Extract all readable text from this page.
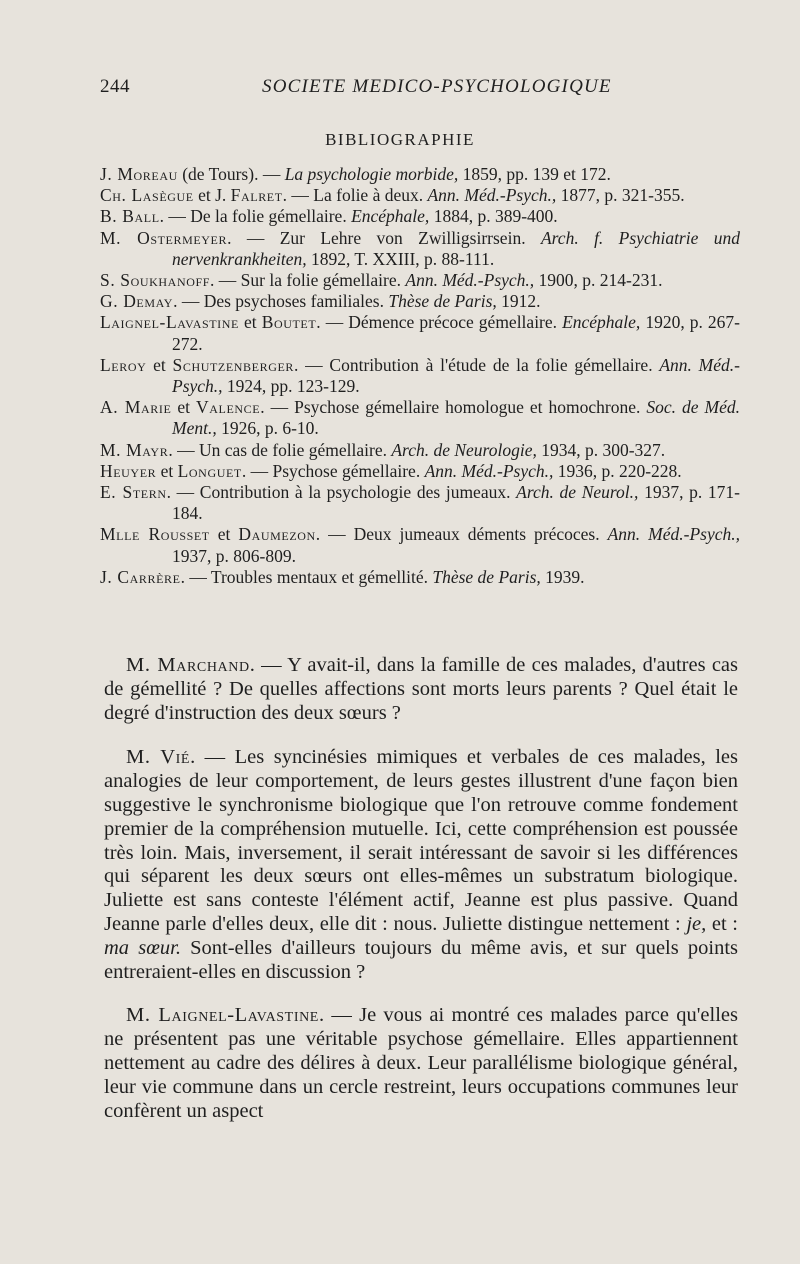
244	SOCIETE MEDICO-PSYCHOLOGIQUE
BIBLIOGRAPHIE

J. Moreau (de Tours). — La psychologie morbide, 1859, pp. 139 et 172.

Ch. Lasègue et J. Falret. — La folie à deux. Ann. Méd.-Psych., 1877, p. 321-355.

B. Ball. — De la folie gémellaire. Encéphale, 1884, p. 389-400.

M. Ostermeyer. — Zur Lehre von Zwilligsirrsein. Arch. f. Psychiatrie und nervenkrankheiten, 1892, T. XXIII, p. 88-111.

S. Soukhanoff. — Sur la folie gémellaire. Ann. Méd.-Psych., 1900, p. 214-231.

G. Demay. — Des psychoses familiales. Thèse de Paris, 1912.

Laignel-Lavastine et Boutet. — Démence précoce gémellaire. Encéphale, 1920, p. 267-272.

Leroy et Schutzenberger. — Contribution à l'étude de la folie gémellaire. Ann. Méd.-Psych., 1924, pp. 123-129.

A. Marie et Valence. — Psychose gémellaire homologue et homochrone. Soc. de Méd. Ment., 1926, p. 6-10.

M. Mayr. — Un cas de folie gémellaire. Arch. de Neurologie, 1934, p. 300-327.

Heuyer et Longuet. — Psychose gémellaire. Ann. Méd.-Psych., 1936, p. 220-228.

E. Stern. — Contribution à la psychologie des jumeaux. Arch. de Neurol., 1937, p. 171-184.

Mlle Rousset et Daumezon. — Deux jumeaux déments précoces. Ann. Méd.-Psych., 1937, p. 806-809.

J. Carrère. — Troubles mentaux et gémellité. Thèse de Paris, 1939.

M. Marchand. — Y avait-il, dans la famille de ces malades, d'autres cas de gémellité ? De quelles affections sont morts leurs parents ? Quel était le degré d'instruction des deux sœurs ?

M. Vié. — Les syncinésies mimiques et verbales de ces malades, les analogies de leur comportement, de leurs gestes illustrent d'une façon bien suggestive le synchronisme biologique que l'on retrouve comme fondement premier de la compréhension mutuelle. Ici, cette compréhension est poussée très loin. Mais, inversement, il serait intéressant de savoir si les différences qui séparent les deux sœurs ont elles-mêmes un substratum biologique. Juliette est sans conteste l'élément actif, Jeanne est plus passive. Quand Jeanne parle d'elles deux, elle dit : nous. Juliette distingue nettement : je, et : ma sœur. Sont-elles d'ailleurs toujours du même avis, et sur quels points entreraient-elles en discussion ?

M. Laignel-Lavastine. — Je vous ai montré ces malades parce qu'elles ne présentent pas une véritable psychose gémellaire. Elles appartiennent nettement au cadre des délires à deux. Leur parallélisme biologique général, leur vie commune dans un cercle restreint, leurs occupations communes leur confèrent un aspect
